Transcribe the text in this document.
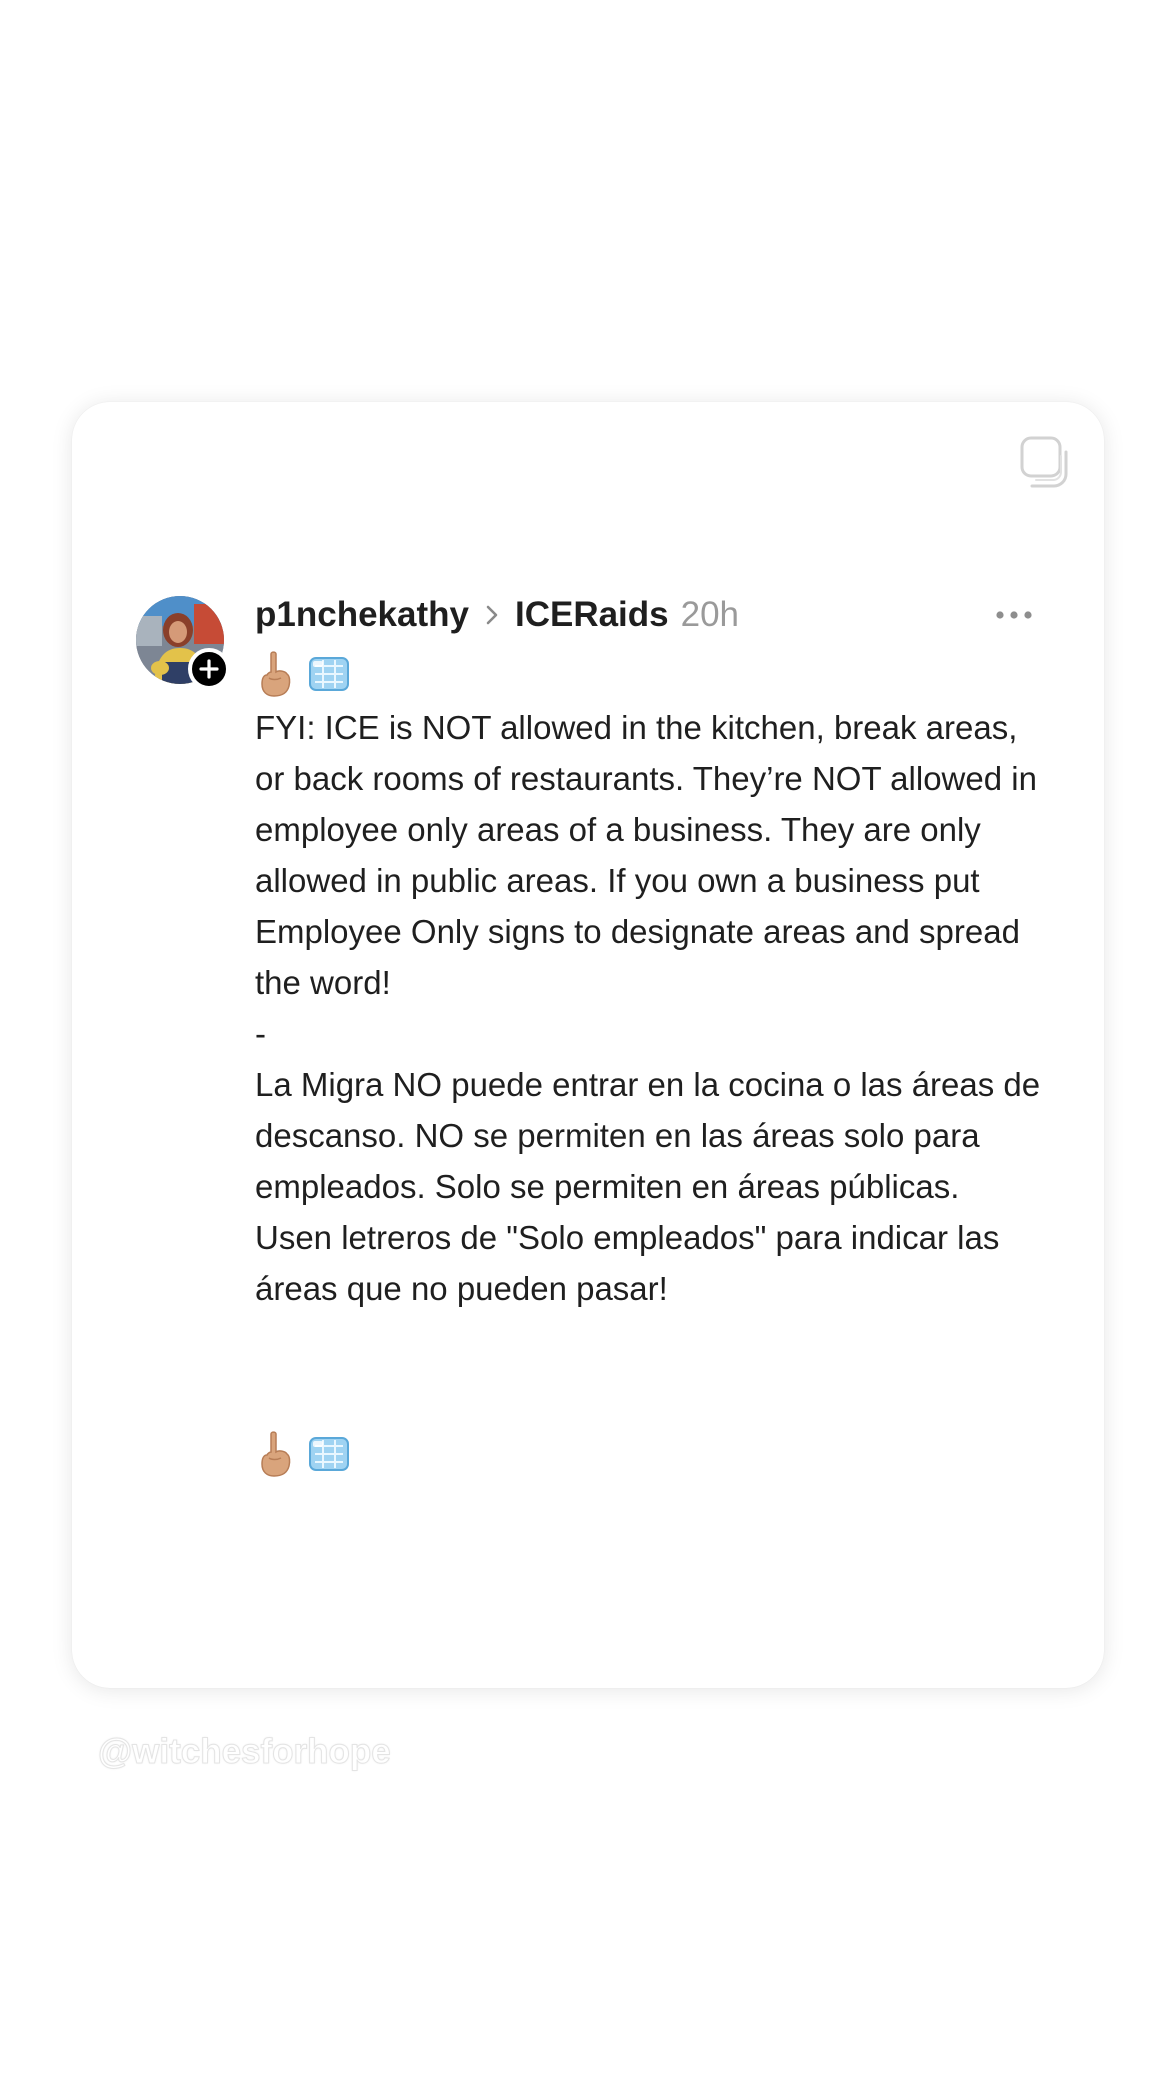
p1nchekathy ICERaids 20h

FYI: ICE is NOT allowed in the kitchen, break areas, or back rooms of restaurants. They’re NOT allowed in employee only areas of a business. They are only allowed in public areas. If you own a business put Employee Only signs to designate areas and spread the word!

-

La Migra NO puede entrar en la cocina o las áreas de descanso. NO se permiten en las áreas solo para empleados. Solo se permiten en áreas públicas. Usen letreros de "Solo empleados" para indicar las áreas que no pueden pasar!

@witchesforhope
